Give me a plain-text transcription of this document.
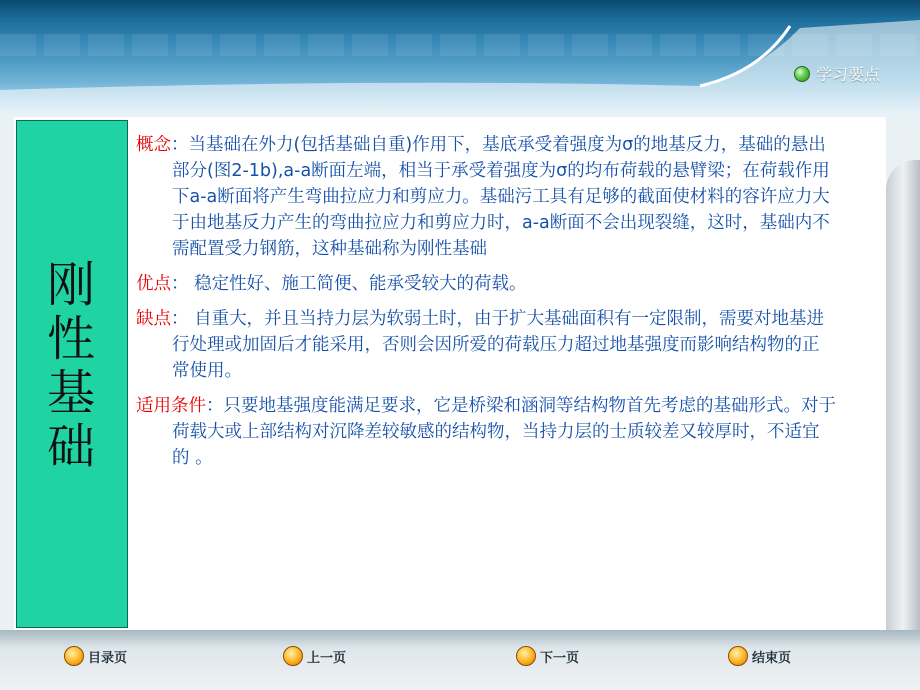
学习要点
刚
性
基
础

概念：当基础在外力(包括基础自重)作用下，基底承受着强度为σ的地基反力，基础的悬出部分(图2-1b),a-a断面左端，相当于承受着强度为σ的均布荷载的悬臂梁；在荷载作用下a-a断面将产生弯曲拉应力和剪应力。基础污工具有足够的截面使材料的容许应力大于由地基反力产生的弯曲拉应力和剪应力时，a-a断面不会出现裂缝，这时，基础内不需配置受力钢筋，这种基础称为刚性基础

优点： 稳定性好、施工简便、能承受较大的荷载。

缺点： 自重大，并且当持力层为软弱土时，由于扩大基础面积有一定限制，需要对地基进行处理或加固后才能采用，否则会因所爱的荷载压力超过地基强度而影响结构物的正常使用。

适用条件：只要地基强度能满足要求，它是桥梁和涵洞等结构物首先考虑的基础形式。对于荷载大或上部结构对沉降差较敏感的结构物，当持力层的士质较差又较厚时，不适宜的 。

目录页	上一页	下一页	结束页
